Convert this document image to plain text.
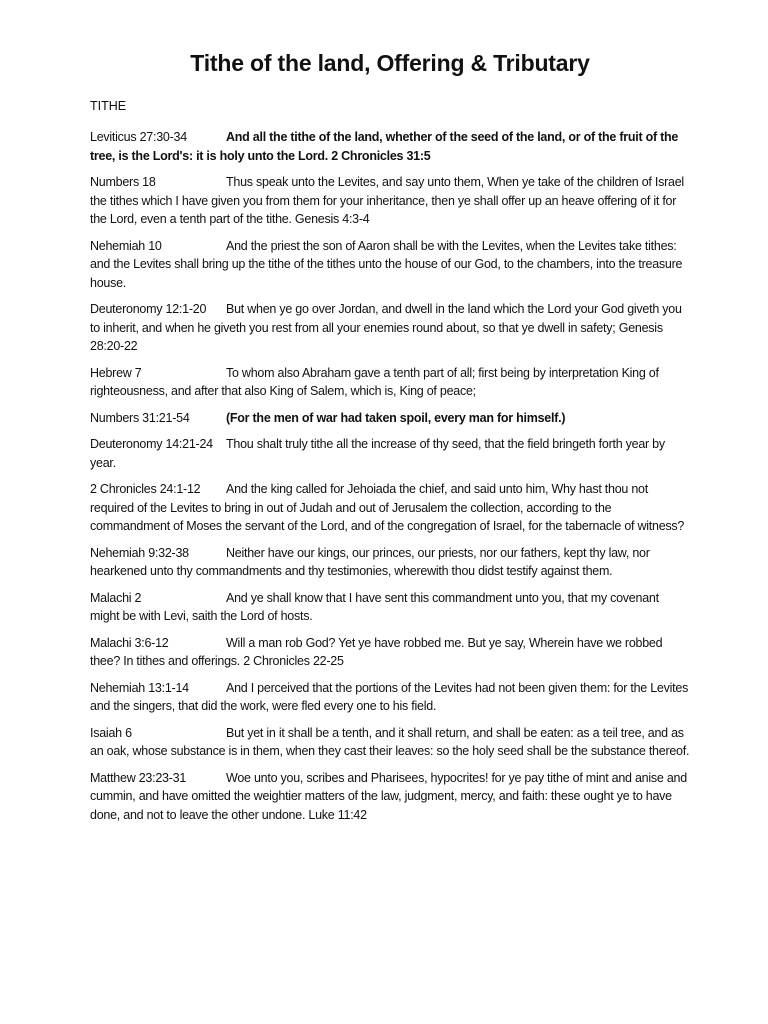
Tithe of the land, Offering & Tributary
TITHE

Leviticus 27:30-34	And all the tithe of the land, whether of the seed of the land, or of the fruit of the tree, is the Lord's: it is holy unto the Lord. 2 Chronicles 31:5

Numbers 18	Thus speak unto the Levites, and say unto them, When ye take of the children of Israel the tithes which I have given you from them for your inheritance, then ye shall offer up an heave offering of it for the Lord, even a tenth part of the tithe. Genesis 4:3-4

Nehemiah 10	And the priest the son of Aaron shall be with the Levites, when the Levites take tithes: and the Levites shall bring up the tithe of the tithes unto the house of our God, to the chambers, into the treasure house.

Deuteronomy 12:1-20 But when ye go over Jordan, and dwell in the land which the Lord your God giveth you to inherit, and when he giveth you rest from all your enemies round about, so that ye dwell in safety; Genesis 28:20-22

Hebrew 7	To whom also Abraham gave a tenth part of all; first being by interpretation King of righteousness, and after that also King of Salem, which is, King of peace;

Numbers 31:21-54	(For the men of war had taken spoil, every man for himself.)

Deuteronomy 14:21-24 Thou shalt truly tithe all the increase of thy seed, that the field bringeth forth year by year.

2 Chronicles 24:1-12 And the king called for Jehoiada the chief, and said unto him, Why hast thou not required of the Levites to bring in out of Judah and out of Jerusalem the collection, according to the commandment of Moses the servant of the Lord, and of the congregation of Israel, for the tabernacle of witness?

Nehemiah 9:32-38	Neither have our kings, our princes, our priests, nor our fathers, kept thy law, nor hearkened unto thy commandments and thy testimonies, wherewith thou didst testify against them.

Malachi 2	And ye shall know that I have sent this commandment unto you, that my covenant might be with Levi, saith the Lord of hosts.

Malachi 3:6-12	Will a man rob God? Yet ye have robbed me. But ye say, Wherein have we robbed thee? In tithes and offerings. 2 Chronicles 22-25

Nehemiah 13:1-14	And I perceived that the portions of the Levites had not been given them: for the Levites and the singers, that did the work, were fled every one to his field.

Isaiah 6	But yet in it shall be a tenth, and it shall return, and shall be eaten: as a teil tree, and as an oak, whose substance is in them, when they cast their leaves: so the holy seed shall be the substance thereof.

Matthew 23:23-31	Woe unto you, scribes and Pharisees, hypocrites! for ye pay tithe of mint and anise and cummin, and have omitted the weightier matters of the law, judgment, mercy, and faith: these ought ye to have done, and not to leave the other undone. Luke 11:42
